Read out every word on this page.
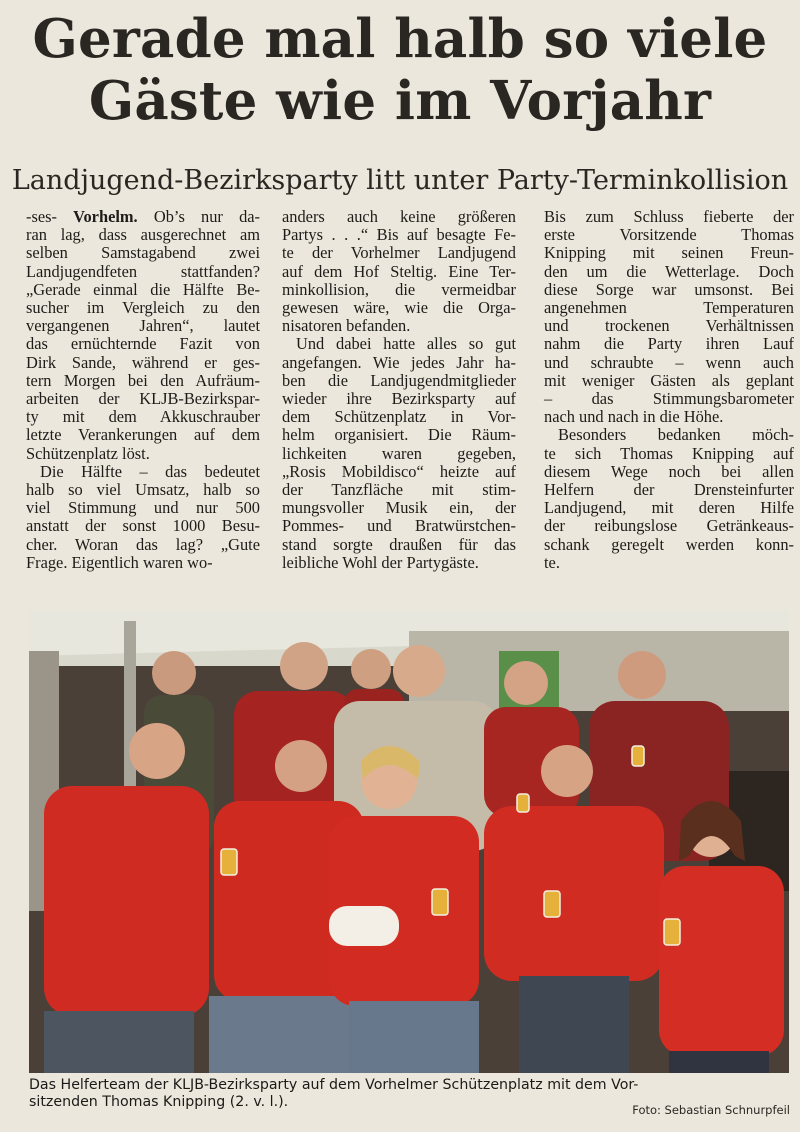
Gerade mal halb so viele
Gäste wie im Vorjahr
Landjugend-Bezirksparty litt unter Party-Terminkollision
-ses- Vorhelm. Ob’s nur da-
ran lag, dass ausgerechnet am
selben Samstagabend zwei
Landjugendfeten stattfanden?
„Gerade einmal die Hälfte Be-
sucher im Vergleich zu den
vergangenen Jahren“, lautet
das ernüchternde Fazit von
Dirk Sande, während er ges-
tern Morgen bei den Aufräum-
arbeiten der KLJB-Bezirkspar-
ty mit dem Akkuschrauber
letzte Verankerungen auf dem
Schützenplatz löst.
Die Hälfte – das bedeutet
halb so viel Umsatz, halb so
viel Stimmung und nur 500
anstatt der sonst 1000 Besu-
cher. Woran das lag? „Gute
Frage. Eigentlich waren wo-
anders auch keine größeren
Partys . . .“ Bis auf besagte Fe-
te der Vorhelmer Landjugend
auf dem Hof Steltig. Eine Ter-
minkollision, die vermeidbar
gewesen wäre, wie die Orga-
nisatoren befanden.
Und dabei hatte alles so gut
angefangen. Wie jedes Jahr ha-
ben die Landjugendmitglieder
wieder ihre Bezirksparty auf
dem Schützenplatz in Vor-
helm organisiert. Die Räum-
lichkeiten waren gegeben,
„Rosis Mobildisco“ heizte auf
der Tanzfläche mit stim-
mungsvoller Musik ein, der
Pommes- und Bratwürstchen-
stand sorgte draußen für das
leibliche Wohl der Partygäste.
Bis zum Schluss fieberte der
erste Vorsitzende Thomas
Knipping mit seinen Freun-
den um die Wetterlage. Doch
diese Sorge war umsonst. Bei
angenehmen Temperaturen
und trockenen Verhältnissen
nahm die Party ihren Lauf
und schraubte – wenn auch
mit weniger Gästen als geplant
– das Stimmungsbarometer
nach und nach in die Höhe.
Besonders bedanken möch-
te sich Thomas Knipping auf
diesem Wege noch bei allen
Helfern der Drensteinfurter
Landjugend, mit deren Hilfe
der reibungslose Getränkeaus-
schank geregelt werden konn-
te.
Das Helferteam der KLJB-Bezirksparty auf dem Vorhelmer Schützenplatz mit dem Vor-
sitzenden Thomas Knipping (2. v. l.).	Foto: Sebastian Schnurpfeil
